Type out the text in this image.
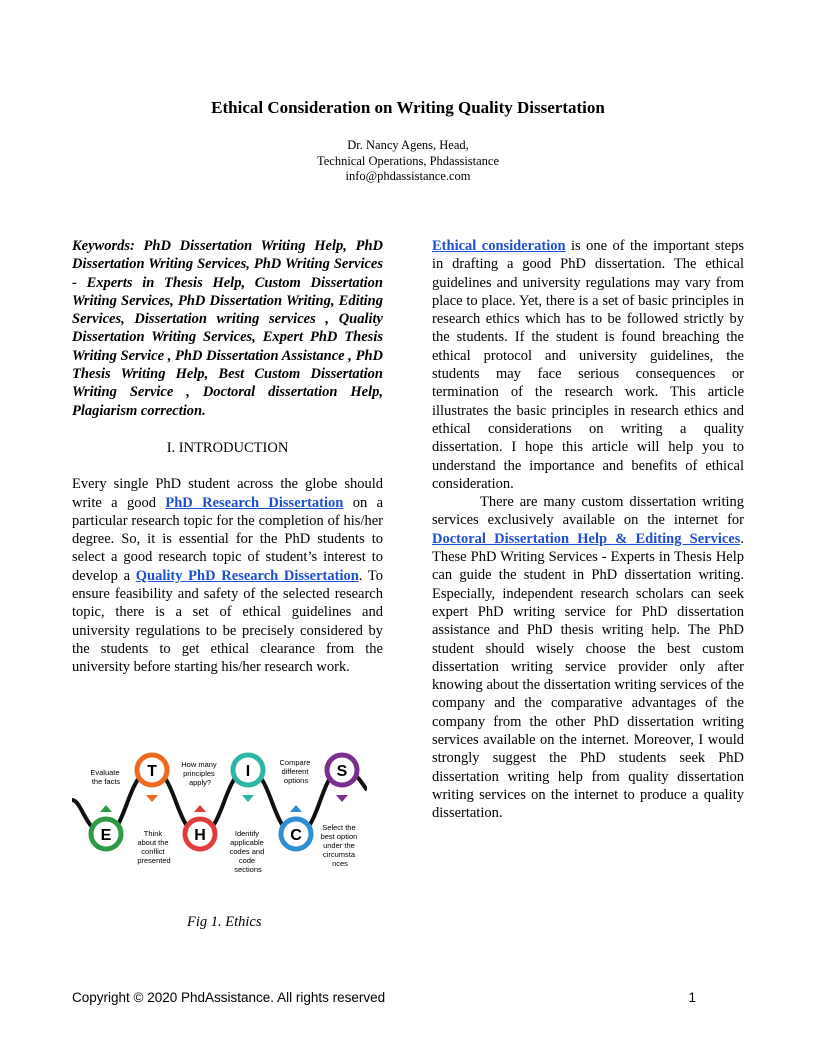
Ethical Consideration on Writing Quality Dissertation
Dr. Nancy Agens, Head,
Technical Operations, Phdassistance
info@phdassistance.com

Keywords: PhD Dissertation Writing Help, PhD Dissertation Writing Services, PhD Writing Services - Experts in Thesis Help, Custom Dissertation Writing Services, PhD Dissertation Writing, Editing Services, Dissertation writing services , Quality Dissertation Writing Services, Expert PhD Thesis Writing Service , PhD Dissertation Assistance , PhD Thesis Writing Help, Best Custom Dissertation Writing Service , Doctoral dissertation Help, Plagiarism correction.

I. INTRODUCTION

Every single PhD student across the globe should write a good PhD Research Dissertation on a particular research topic for the completion of his/her degree. So, it is essential for the PhD students to select a good research topic of student’s interest to develop a Quality PhD Research Dissertation. To ensure feasibility and safety of the selected research topic, there is a set of ethical guidelines and university regulations to be precisely considered by the students to get ethical clearance from the university before starting his/her research work.

Ethical consideration is one of the important steps in drafting a good PhD dissertation. The ethical guidelines and university regulations may vary from place to place. Yet, there is a set of basic principles in research ethics which has to be followed strictly by the students. If the student is found breaching the ethical protocol and university guidelines, the students may face serious consequences or termination of the research work. This article illustrates the basic principles in research ethics and ethical considerations on writing a quality dissertation. I hope this article will help you to understand the importance and benefits of ethical consideration.

There are many custom dissertation writing services exclusively available on the internet for Doctoral Dissertation Help & Editing Services. These PhD Writing Services - Experts in Thesis Help can guide the student in PhD dissertation writing. Especially, independent research scholars can seek expert PhD writing service for PhD dissertation assistance and PhD thesis writing help. The PhD student should wisely choose the best custom dissertation writing service provider only after knowing about the dissertation writing services of the company and the comparative advantages of the company from the other PhD dissertation writing services available on the internet. Moreover, I would strongly suggest the PhD students seek PhD dissertation writing help from quality dissertation writing services on the internet to produce a quality dissertation.

E
Evaluate the facts
T
Think about the conflict presented
H
How many principles apply?
I
Identify applicable codes and code sections
C
Compare different options
S
Select the best option under the circumsta nces
Fig 1. Ethics
Copyright © 2020 PhdAssistance. All rights reserved	1
